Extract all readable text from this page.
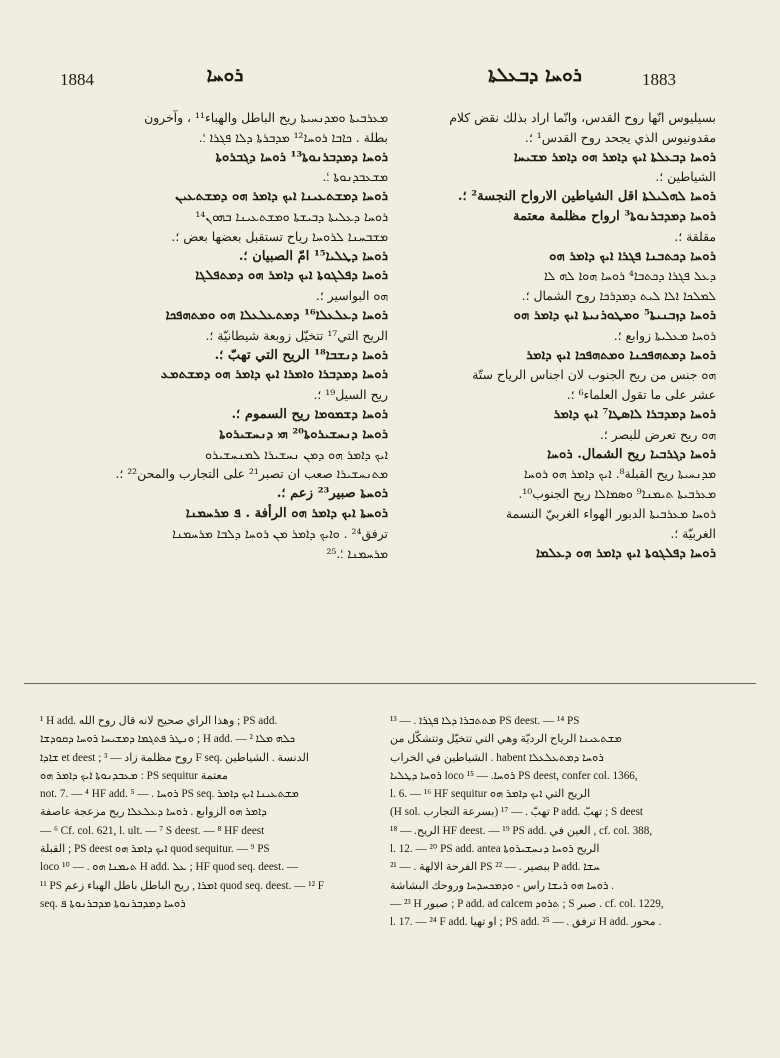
1884	ܪܘܚܐ	ܪܘܚܐ ܕܒܥܠܬܐ	1883
ܡܥܪܒܝܬܐ ܘܡܕܢܚܝܬܐ ريح الباطل والهباء¹¹ ، وآخرون
بطلة . ܟܐܒܐ ܪܘܚܐ¹² ܡܕܒܪܬܐ ܕܠܐ ܦܓܪܐ ؛.
ܪܘܚܐ ܕܡܕܒܪܢܘܬܐ¹³ ܪܘܚܐ ܕܓܒܪܘܬܐ
ܡܫܥܒܕܢܘܬܐ ؛.
ܪܘܚܐ ܕܡܫܬܥܝܢܐ ܐܝܟ ܕܐܡܪ ܗܘ ܕܡܫܬܥܝܢ
ܪܘܚܐ ܕܥܠܝܬܐ ܕܒܝܫܬܐ ܘܡܫܬܥܝܢܐ ܒܗܘܢ¹⁴
ܡܫܒܚܢܐ ܠܪܘܚܐ رياح تستقبل بعضها بعض ؛.
ܪܘܚܐ ܕܛܠܝܐ¹⁵ امّ الصبيان ؛.
ܪܘܚܐ ܕܦܠܓܘܬܐ ܐܝܟ ܕܐܡܪ ܗܘ ܕܡܬܦܠܓܐ
ܗܘ البواسير ؛.
ܪܘܚܐ ܕܥܠܥܠܐ¹⁶ ܕܡܬܥܠܥܠܐ ܗܘ ܘܡܬܗܦܟܐ
الريح التي¹⁷ تتخيّل زوبعة شيطانيّة ؛.
ܪܘܚܐ ܕܢܫܒܐ¹⁸ الريح التي تهبّ ؛.
ܪܘܚܐ ܕܡܕܒܪܐ ܘܐܡܪܐ ܐܝܟ ܕܐܡܪ ܗܘ ܕܡܫܬܡܥ
ريح السيل¹⁹ ؛.
ܪܘܚܐ ܕܫܡܘܡܐ ريح السموم ؛.
ܪܘܚܐ ܕܢܚܫܝܪܘܬܐ²⁰ ܗܝ ܕܢܚܫܝܪܘܬܐ
ܐܝܟ ܕܐܡܪ ܗܘ ܕܡܢ ܢܚܫܝܪܐ ܠܡܢܚܫܝܪܘ
ܡܬܢܚܫܝܪܐ صعب ان تصبر²¹ على التجارب والمحن²² ؛.
ܪܘܚܬܐ صبير²³ زعم ؛.
ܪܘܚܬܐ ܐܝܟ ܕܐܡܪ ܗܘ الرأفة . ܦ ܡܪܚܡܢܐ
ترفق²⁴ . ܘܐܝܟ ܕܐܡܪ ܡܢ ܪܘܚܐ ܕܠܒܐ ܡܪܚܡܢܐ
ܡܪܚܡܢܐ ؛.²⁵
بسيليوس انّها روح القدس، وانّما اراد بذلك نقض كلام
مقدونيوس الذي يجحد روح القدس¹ ؛.
ܪܘܚܐ ܕܒܥܠܬܐ ܐܝܟ ܕܐܡܪ ܗܘ ܕܐܡܪ ܡܫܝܚܐ
الشياطين ؛.
ܪܘܚܐ ܠܗܠܝܠܬܐ اقل الشياطين الارواح النجسة² ؛.
ܪܘܚܐ ܕܡܕܒܪܢܘܬܐ³ ارواح مظلمة معتمة
مقلقة ؛.
ܪܘܚܐ ܕܟܬܒܢܐ ܦܓܪܐ ܐܝܟ ܕܐܡܪ ܗܘ
ܕܥܠ ܦܓܪܐ ܕܟܬܒܐ⁴ ܪܘܚܐ ܗܘܐ ܠܗ ܠܐ
ܠܡܠܟܐ ܐܠܐ ܠܝܬ ܕܡܕܪܟܐ روح الشمال ؛.
ܪܘܚܐ ܕܙܒܢܝܬܐ⁵ ܘܡܛܘܪܢܝܬܐ ܐܝܟ ܕܐܡܪ ܗܘ
ܪܘܚܐ ܡܥܠܝܬܐ زوابع ؛.
ܪܘܚܐ ܕܡܬܗܦܟܢܐ ܘܡܬܗܦܟܐ ܐܝܟ ܕܐܡܪ
ܗܘ جنس من ريح الجنوب لان اجناس الرياح ستّة
عشر على ما تقول العلماء⁶ ؛.
ܪܘܚܐ ܕܡܕܒܪܐ ܠܐܣܛܐ⁷ ܐܝܟ ܕܐܡܪ
ܗܘ ريح تعرض للبصر ؛.
ܪܘܚܐ ܕܓܪܒܝܐ ريح الشمال. ܪܘܚܐ
ܡܕܢܚܝܬܐ ريح القبلة⁸. ܐܝܟ ܕܐܡܪ ܗܘ ܪܘܚܐ
ܡܥܪܒܝܬܐ ܬܝܡܢܐ⁹ ܘܣܡܐܠܐ ريح الجنوب¹⁰.
ܪܘܚܐ ܡܥܪܒܝܬܐ الدبور الهواء الغربيّ النسمة
الغربيّة ؛.
ܪܘܚܐ ܕܦܠܓܘܬܐ ܐܝܟ ܕܐܡܪ ܗܘ ܕܥܠܡܐ
¹ H add. وهذا الراي صحيح لانه قال روح الله ; PS add.
ܘܢܛܪ ܦܬܓܡܐ ܕܡܫܝܚܐ ܪܘܚܐ ܕܩܘܕܫܐ ; H add. — ² ܟܠܗ ܡܠܐ
ܫܐܕܐ et deest ; روح مظلمة زاد — ³ F seq. الدنسة . الشياطين
ܡܥܒܕܢܘܬܐ ܐܝܟ ܕܐܡܪ ܗܘ : PS sequitur معتمة
not. 7. — ⁴ HF add. ܪܘܚܐ . — ⁵ PS seq. ܡܫܬܥܝܢܐ ܐܝܟ ܕܐܡܪ
ܕܐܡܪ ܗܘ الزوابع . ܪܘܚܐ ܕܥܠܥܠܐ ريح مزعجة عاصفة
— ⁶ Cf. col. 621, l. ult. — ⁷ S deest. — ⁸ HF deest
القبلة ; PS deest ܐܝܟ ܕܐܡܪ ܗܘ quod sequitur. — ⁹ PS
loco ܬܝܡܢܐ ܗܘ . — ¹⁰ H add. ܥܠ ; HF quod seq. deest. —
¹¹ PS ܐܡܪܐ , ريح الباطل باطل الهباء زعم quod seq. deest. — ¹² F
seq. ܪܘܚܐ ܕܡܕܒܪܢܘܬܐ ܡܕܒܪܢܘܬܐ ܦ
ܡܬܬܒܪܐ ܕܠܐ ܦܓܪܐ . — ¹³ PS deest. — ¹⁴ PS
ܡܫܬܥܝܢܐ الرياح الرديّة وهي التي تتخيّل وتتشكّل من
الشياطين في الخراب . habent ܪܘܚܐ ܕܡܬܥܠܥܠܐ
ܪܘܚܐ ܕܛܠܝܐ loco ܪܘܚܐ. — ¹⁵ PS deest, confer col. 1366,
l. 6. — ¹⁶ HF sequitur الريح التي ܐܝܟ ܕܐܡܪ ܗܘ
(H sol. بسرعة التجارب) تهبّ . — ¹⁷ P add. تهبّ ; S deest
الريح. — ¹⁸ HF deest. — ¹⁹ PS add. العين في , cf. col. 388,
l. 12. — ²⁰ PS add. antea الريح ܪܘܚܐ ܕܢܚܫܝܪܘܬܐ
الفرحة الالهة . — ²¹ PS ببصير . — ²² P add. ܚܫܐ
ܪܘܚܐ ܗܘ ܪܝܫܐ راس - ܘܕܡܟܚܕܚܐ وروحك البشاشة .
— ²³ H صبور ; P add. ad calcem ܬܪܘܕ ; S صبر . cf. col. 1229,
l. 17. — ²⁴ F add. او تهيا ; PS add. ترفق . — ²⁵ H add. محور .
